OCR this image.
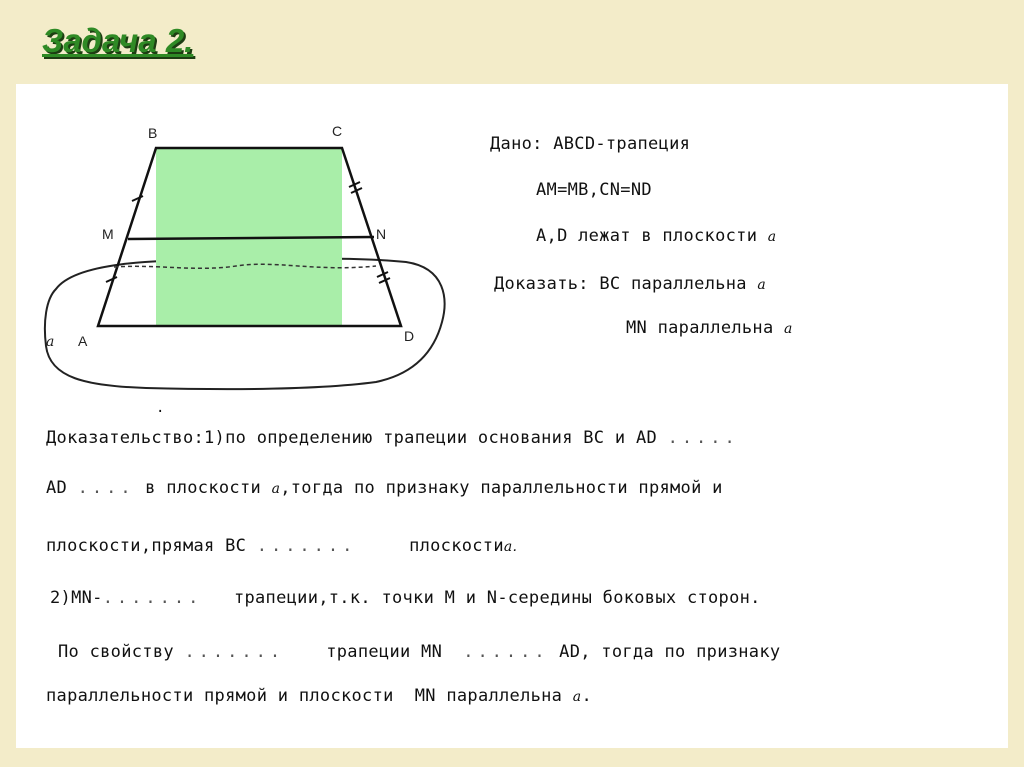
Задача 2.
B	C
M	N
A	D
a
Дано: ABCD-трапеция
AM=MB,CN=ND
A,D лежат в плоскости a
Доказать: BC параллельна a
MN параллельна a
.
Доказательство:1)по определению трапеции основания BC и AD .....
AD .... в плоскости a,тогда по признаку параллельности прямой и
плоскости,прямая BC .......	плоскостиa.
2)MN-....... трапеции,т.к. точки M и N-середины боковых сторон.
По свойству ....... трапеции MN ...... AD, тогда по признаку
параллельности прямой и плоскости MN параллельна a.
